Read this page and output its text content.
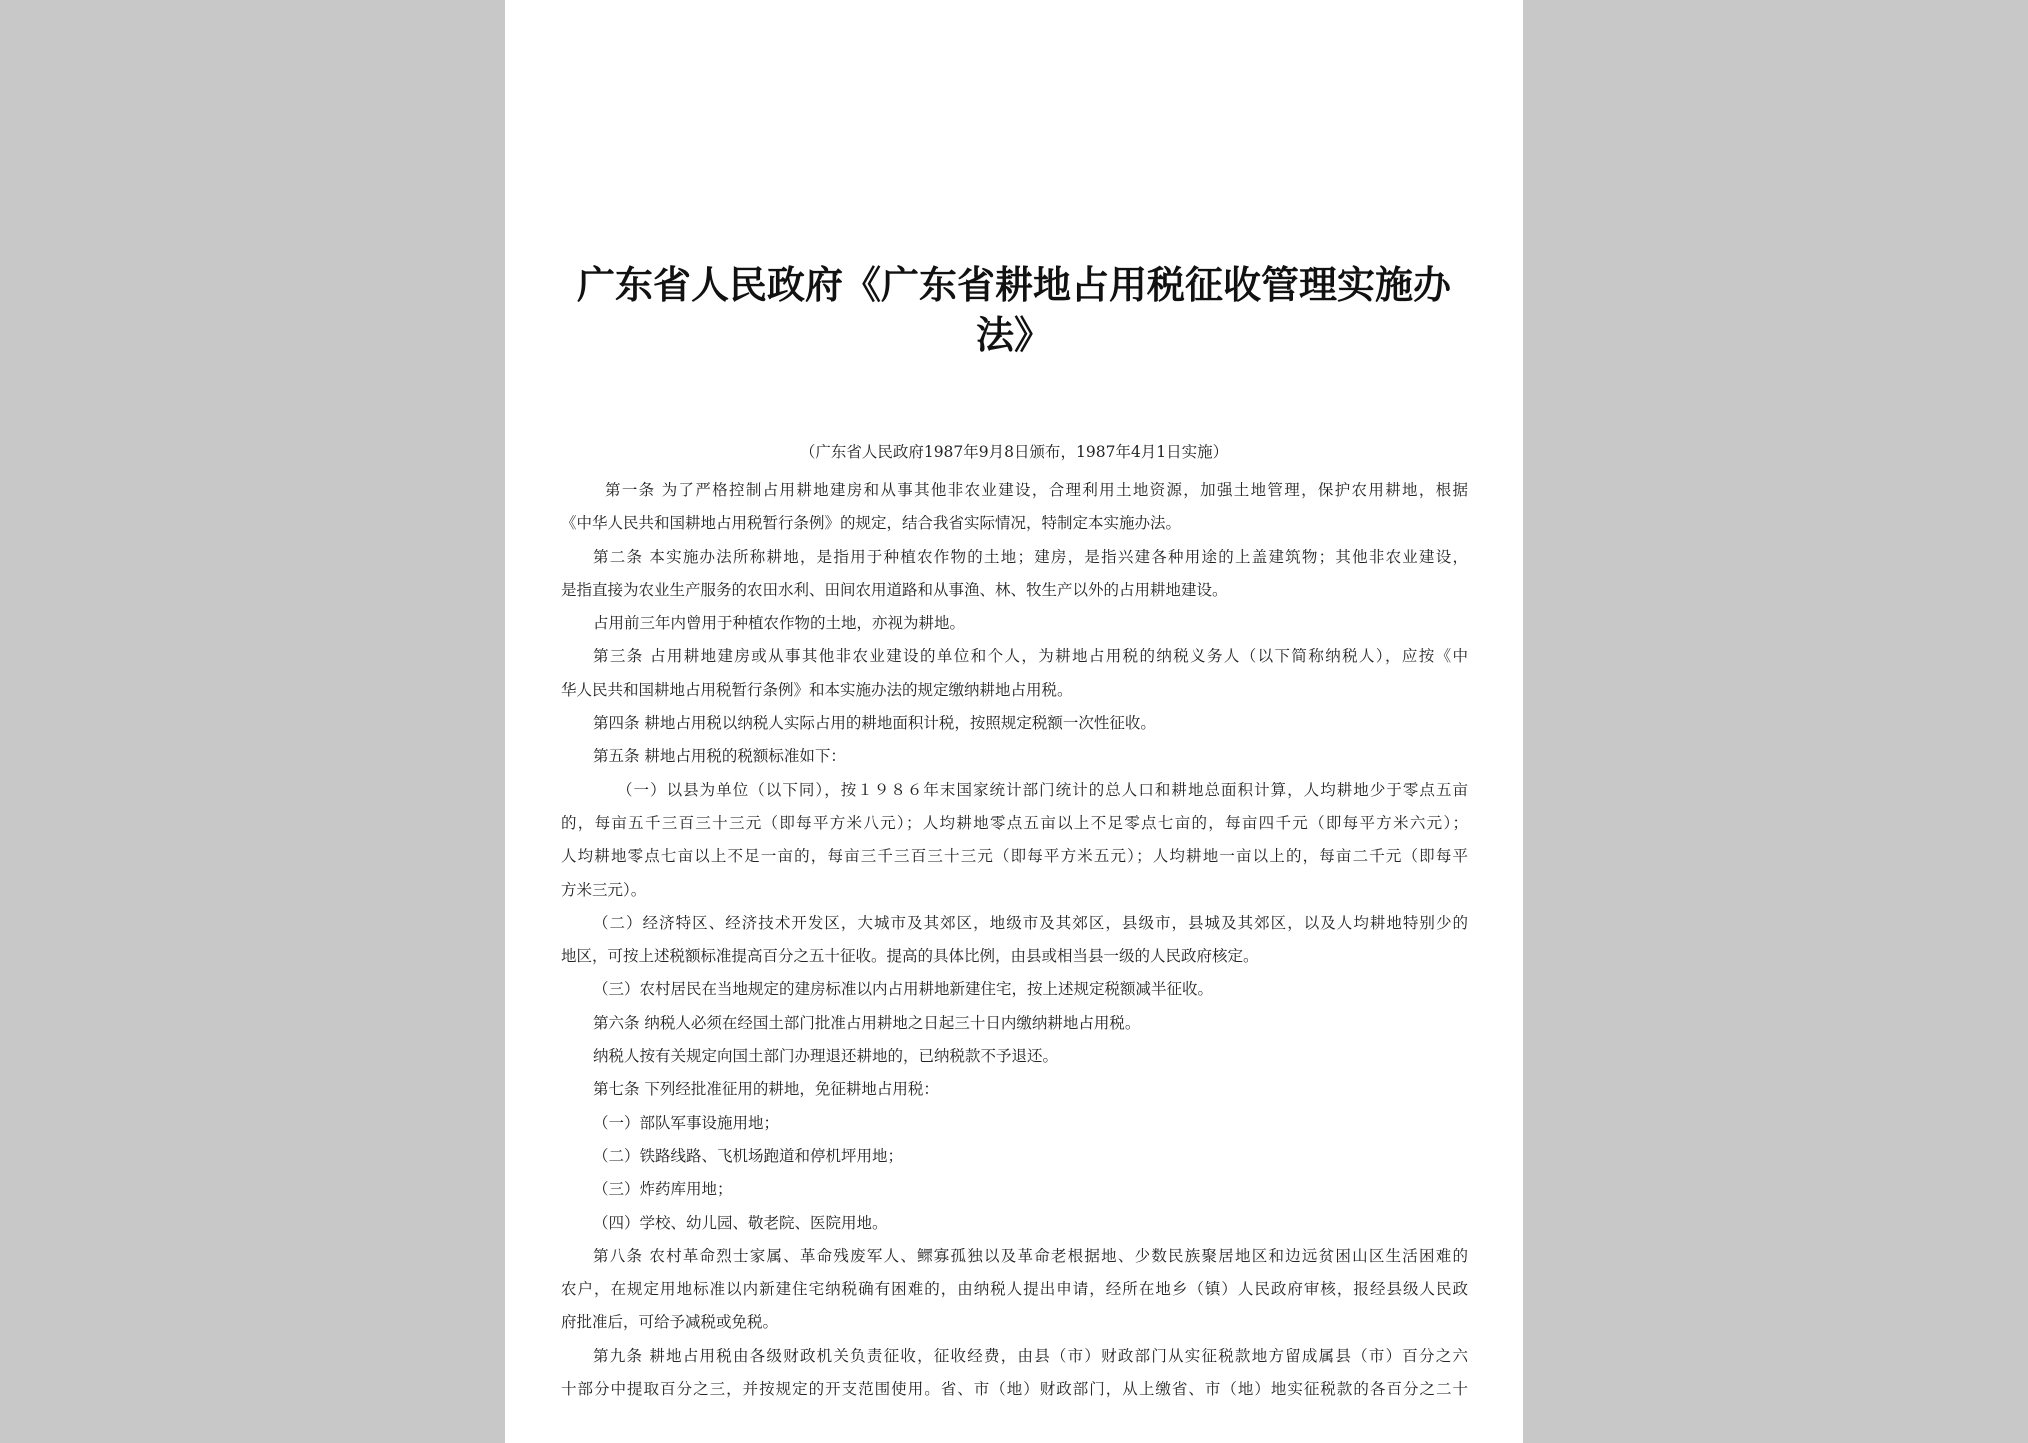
广东省人民政府《广东省耕地占用税征收管理实施办
法》
（广东省人民政府1987年9月8日颁布，1987年4月1日实施）
第一条 为了严格控制占用耕地建房和从事其他非农业建设，合理利用土地资源，加强土地管理，保护农用耕地，根据
《中华人民共和国耕地占用税暂行条例》的规定，结合我省实际情况，特制定本实施办法。
第二条 本实施办法所称耕地，是指用于种植农作物的土地；建房，是指兴建各种用途的上盖建筑物；其他非农业建设，
是指直接为农业生产服务的农田水利、田间农用道路和从事渔、林、牧生产以外的占用耕地建设。
占用前三年内曾用于种植农作物的土地，亦视为耕地。
第三条 占用耕地建房或从事其他非农业建设的单位和个人，为耕地占用税的纳税义务人（以下简称纳税人），应按《中
华人民共和国耕地占用税暂行条例》和本实施办法的规定缴纳耕地占用税。
第四条 耕地占用税以纳税人实际占用的耕地面积计税，按照规定税额一次性征收。
第五条 耕地占用税的税额标准如下：
（一）以县为单位（以下同），按１９８６年末国家统计部门统计的总人口和耕地总面积计算，人均耕地少于零点五亩
的，每亩五千三百三十三元（即每平方米八元）；人均耕地零点五亩以上不足零点七亩的，每亩四千元（即每平方米六元）；
人均耕地零点七亩以上不足一亩的，每亩三千三百三十三元（即每平方米五元）；人均耕地一亩以上的，每亩二千元（即每平
方米三元）。
（二）经济特区、经济技术开发区，大城市及其郊区，地级市及其郊区，县级市，县城及其郊区，以及人均耕地特别少的
地区，可按上述税额标准提高百分之五十征收。提高的具体比例，由县或相当县一级的人民政府核定。
（三）农村居民在当地规定的建房标准以内占用耕地新建住宅，按上述规定税额减半征收。
第六条 纳税人必须在经国土部门批准占用耕地之日起三十日内缴纳耕地占用税。
纳税人按有关规定向国土部门办理退还耕地的，已纳税款不予退还。
第七条 下列经批准征用的耕地，免征耕地占用税：
（一）部队军事设施用地；
（二）铁路线路、飞机场跑道和停机坪用地；
（三）炸药库用地；
（四）学校、幼儿园、敬老院、医院用地。
第八条 农村革命烈士家属、革命残废军人、鳏寡孤独以及革命老根据地、少数民族聚居地区和边远贫困山区生活困难的
农户，在规定用地标准以内新建住宅纳税确有困难的，由纳税人提出申请，经所在地乡（镇）人民政府审核，报经县级人民政
府批准后，可给予减税或免税。
第九条 耕地占用税由各级财政机关负责征收，征收经费，由县（市）财政部门从实征税款地方留成属县（市）百分之六
十部分中提取百分之三，并按规定的开支范围使用。省、市（地）财政部门，从上缴省、市（地）地实征税款的各百分之二十
